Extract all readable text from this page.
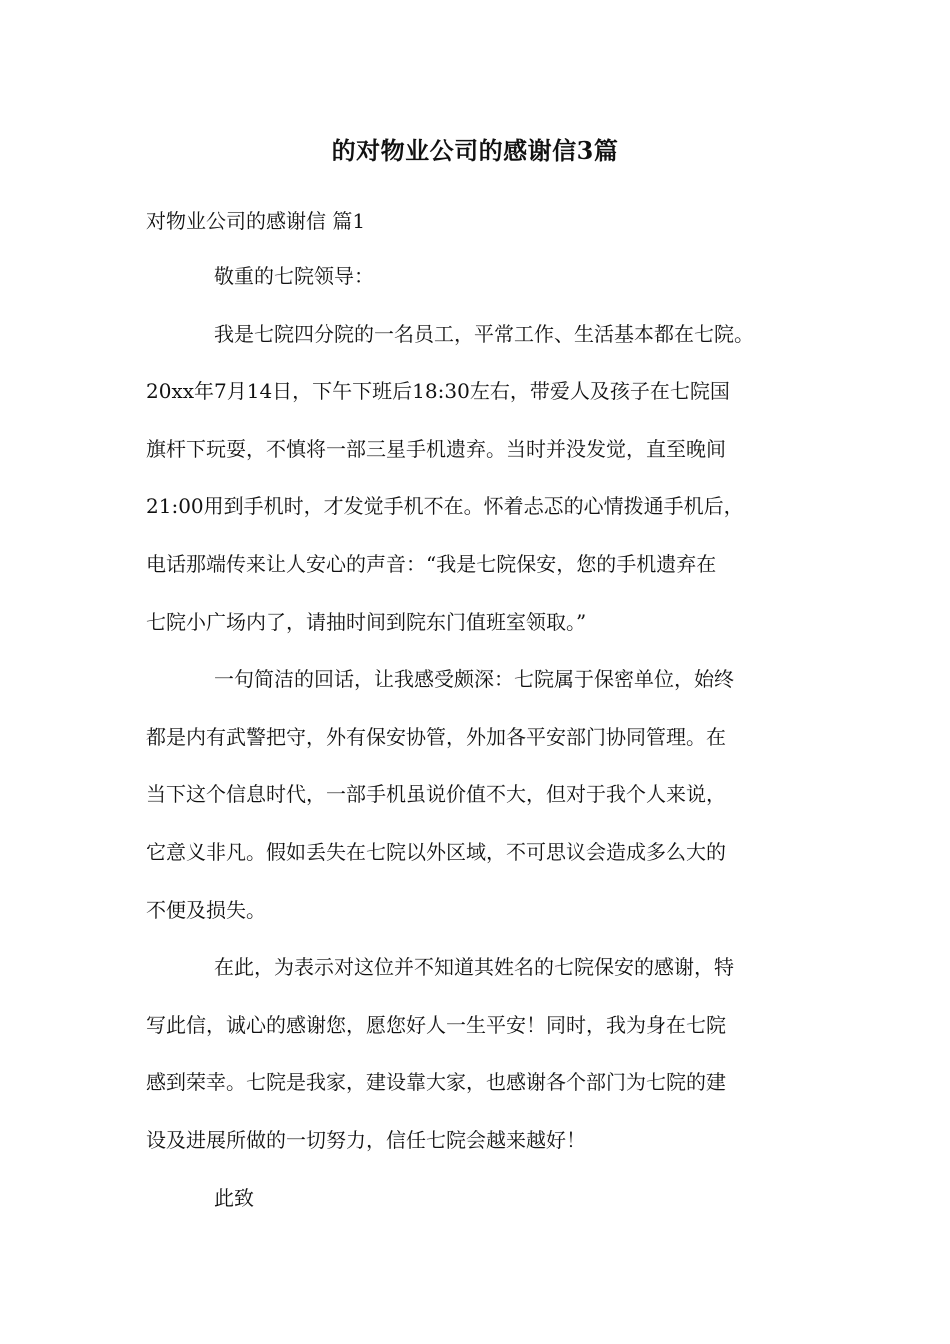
的对物业公司的感谢信3篇
对物业公司的感谢信 篇1
敬重的七院领导：
我是七院四分院的一名员工，平常工作、生活基本都在七院。
20xx年7月14日，下午下班后18:30左右，带爱人及孩子在七院国
旗杆下玩耍，不慎将一部三星手机遗弃。当时并没发觉，直至晚间
21:00用到手机时，才发觉手机不在。怀着忐忑的心情拨通手机后，
电话那端传来让人安心的声音：“我是七院保安，您的手机遗弃在
七院小广场内了，请抽时间到院东门值班室领取。”
一句简洁的回话，让我感受颇深：七院属于保密单位，始终
都是内有武警把守，外有保安协管，外加各平安部门协同管理。在
当下这个信息时代，一部手机虽说价值不大，但对于我个人来说，
它意义非凡。假如丢失在七院以外区域，不可思议会造成多么大的
不便及损失。
在此，为表示对这位并不知道其姓名的七院保安的感谢，特
写此信，诚心的感谢您，愿您好人一生平安！同时，我为身在七院
感到荣幸。七院是我家，建设靠大家，也感谢各个部门为七院的建
设及进展所做的一切努力，信任七院会越来越好！
此致
